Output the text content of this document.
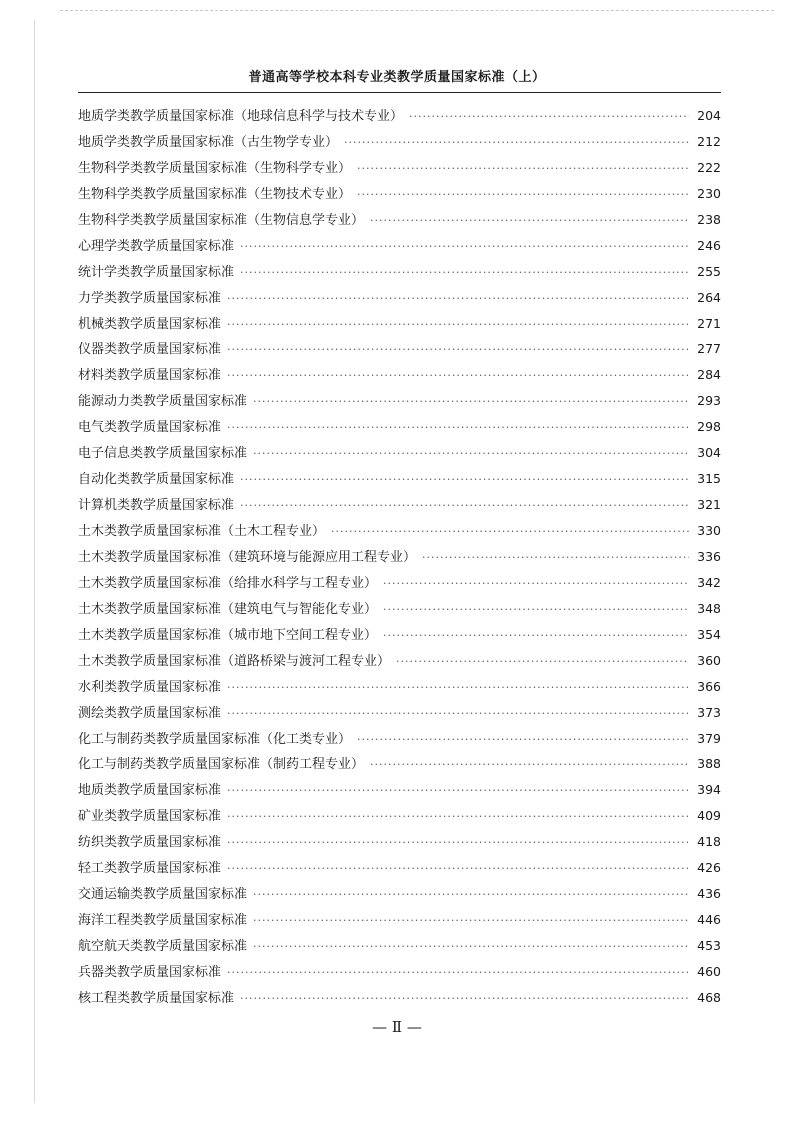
普通高等学校本科专业类教学质量国家标准（上）
地质学类教学质量国家标准（地球信息科学与技术专业） ·····	204
地质学类教学质量国家标准（古生物学专业） ·····	212
生物科学类教学质量国家标准（生物科学专业） ·····	222
生物科学类教学质量国家标准（生物技术专业） ·····	230
生物科学类教学质量国家标准（生物信息学专业） ·····	238
心理学类教学质量国家标准 ·····	246
统计学类教学质量国家标准 ·····	255
力学类教学质量国家标准 ·····	264
机械类教学质量国家标准 ·····	271
仪器类教学质量国家标准 ·····	277
材料类教学质量国家标准 ·····	284
能源动力类教学质量国家标准 ·····	293
电气类教学质量国家标准 ·····	298
电子信息类教学质量国家标准 ·····	304
自动化类教学质量国家标准 ·····	315
计算机类教学质量国家标准 ·····	321
土木类教学质量国家标准（土木工程专业） ·····	330
土木类教学质量国家标准（建筑环境与能源应用工程专业） ·····	336
土木类教学质量国家标准（给排水科学与工程专业） ·····	342
土木类教学质量国家标准（建筑电气与智能化专业） ·····	348
土木类教学质量国家标准（城市地下空间工程专业） ·····	354
土木类教学质量国家标准（道路桥梁与渡河工程专业） ·····	360
水利类教学质量国家标准 ·····	366
测绘类教学质量国家标准 ·····	373
化工与制药类教学质量国家标准（化工类专业） ·····	379
化工与制药类教学质量国家标准（制药工程专业） ·····	388
地质类教学质量国家标准 ·····	394
矿业类教学质量国家标准 ·····	409
纺织类教学质量国家标准 ·····	418
轻工类教学质量国家标准 ·····	426
交通运输类教学质量国家标准 ·····	436
海洋工程类教学质量国家标准 ·····	446
航空航天类教学质量国家标准 ·····	453
兵器类教学质量国家标准 ·····	460
核工程类教学质量国家标准 ·····	468
— Ⅱ —
